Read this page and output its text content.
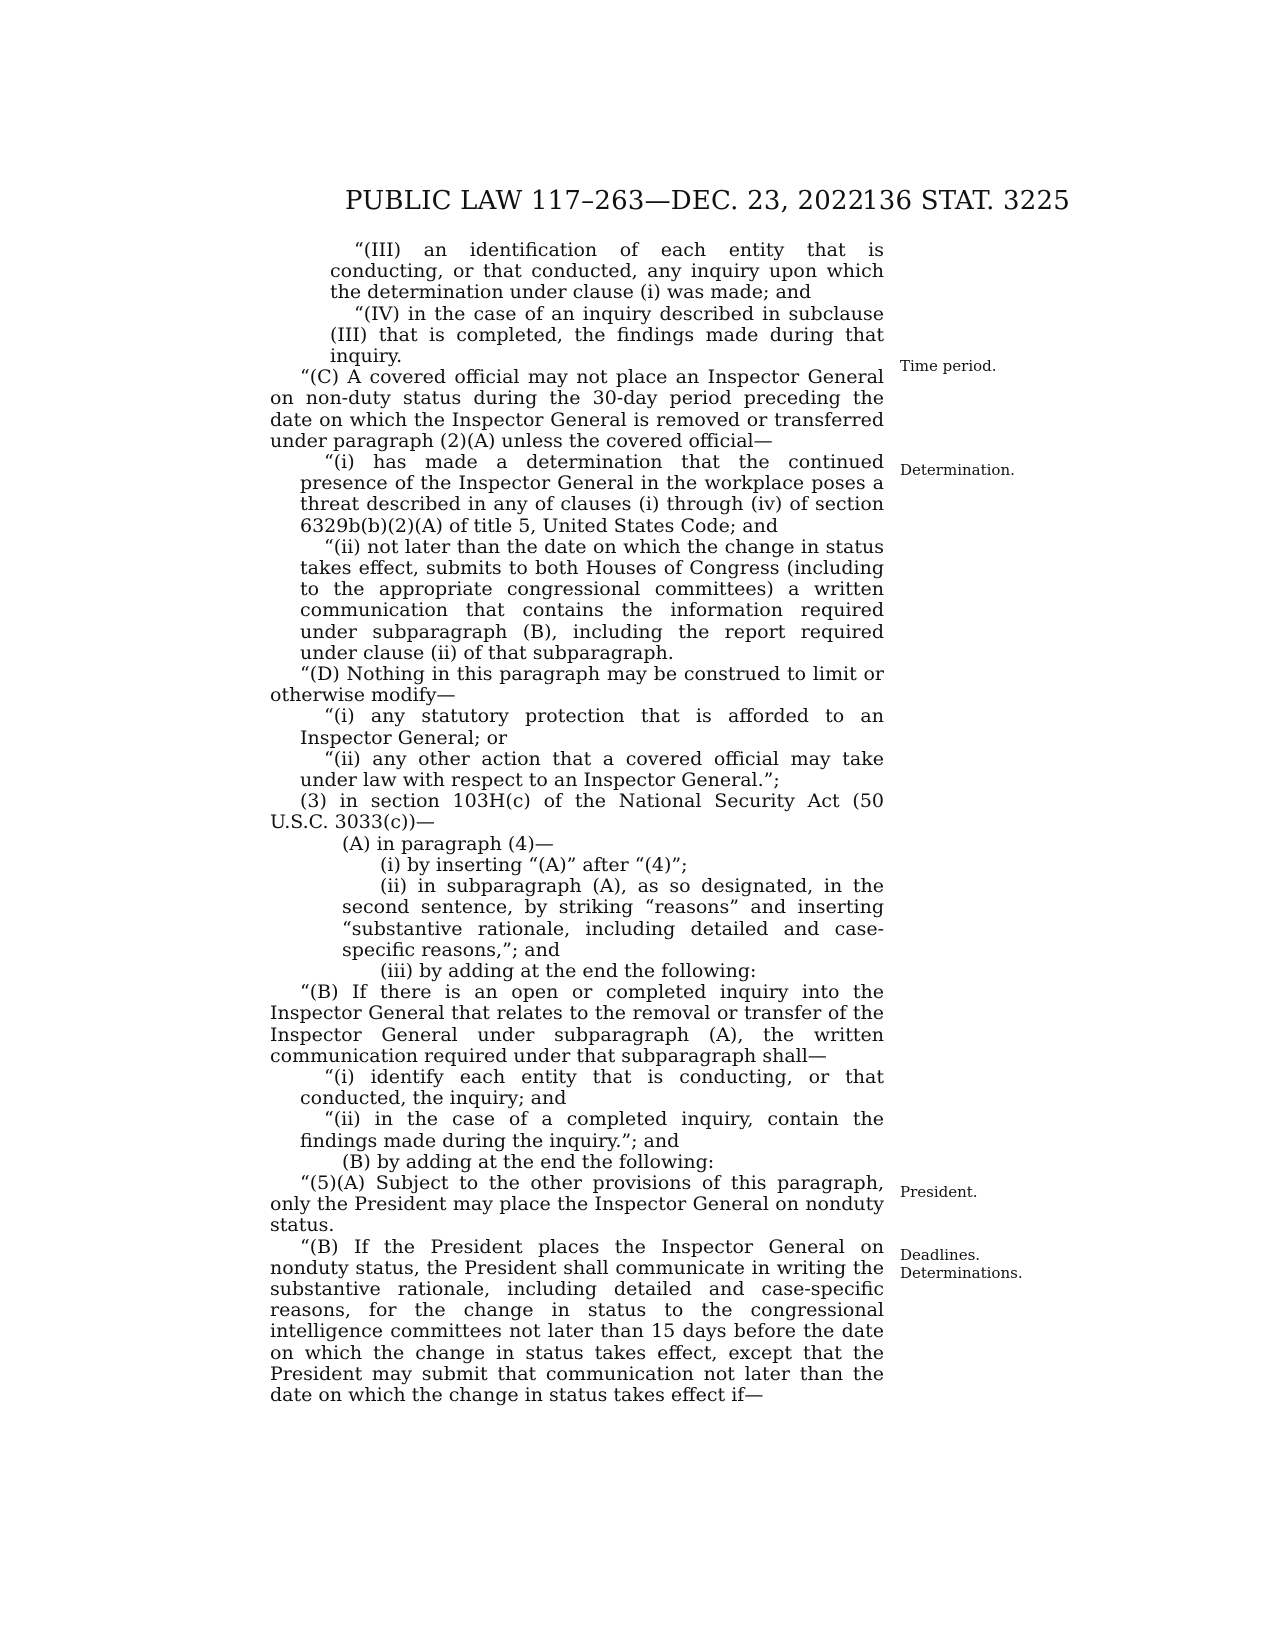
PUBLIC LAW 117–263—DEC. 23, 2022
136 STAT. 3225

“(III) an identification of each entity that is conducting, or that conducted, any inquiry upon which the determination under clause (i) was made; and

“(IV) in the case of an inquiry described in subclause (III) that is completed, the findings made during that inquiry.

“(C) A covered official may not place an Inspector General on non-duty status during the 30-day period preceding the date on which the Inspector General is removed or transferred under paragraph (2)(A) unless the covered official—

“(i) has made a determination that the continued presence of the Inspector General in the workplace poses a threat described in any of clauses (i) through (iv) of section 6329b(b)(2)(A) of title 5, United States Code; and

“(ii) not later than the date on which the change in status takes effect, submits to both Houses of Congress (including to the appropriate congressional committees) a written communication that contains the information required under subparagraph (B), including the report required under clause (ii) of that subparagraph.

“(D) Nothing in this paragraph may be construed to limit or otherwise modify—

“(i) any statutory protection that is afforded to an Inspector General; or

“(ii) any other action that a covered official may take under law with respect to an Inspector General.”;

(3) in section 103H(c) of the National Security Act (50 U.S.C. 3033(c))—

(A) in paragraph (4)—

(i) by inserting “(A)” after “(4)”;

(ii) in subparagraph (A), as so designated, in the second sentence, by striking “reasons” and inserting “substantive rationale, including detailed and case-specific reasons,”; and

(iii) by adding at the end the following:

“(B) If there is an open or completed inquiry into the Inspector General that relates to the removal or transfer of the Inspector General under subparagraph (A), the written communication required under that subparagraph shall—

“(i) identify each entity that is conducting, or that conducted, the inquiry; and

“(ii) in the case of a completed inquiry, contain the findings made during the inquiry.”; and

(B) by adding at the end the following:

“(5)(A) Subject to the other provisions of this paragraph, only the President may place the Inspector General on nonduty status.

“(B) If the President places the Inspector General on nonduty status, the President shall communicate in writing the substantive rationale, including detailed and case-specific reasons, for the change in status to the congressional intelligence committees not later than 15 days before the date on which the change in status takes effect, except that the President may submit that communication not later than the date on which the change in status takes effect if—

Time period.
Determination.
President.
Deadlines.
Determinations.
